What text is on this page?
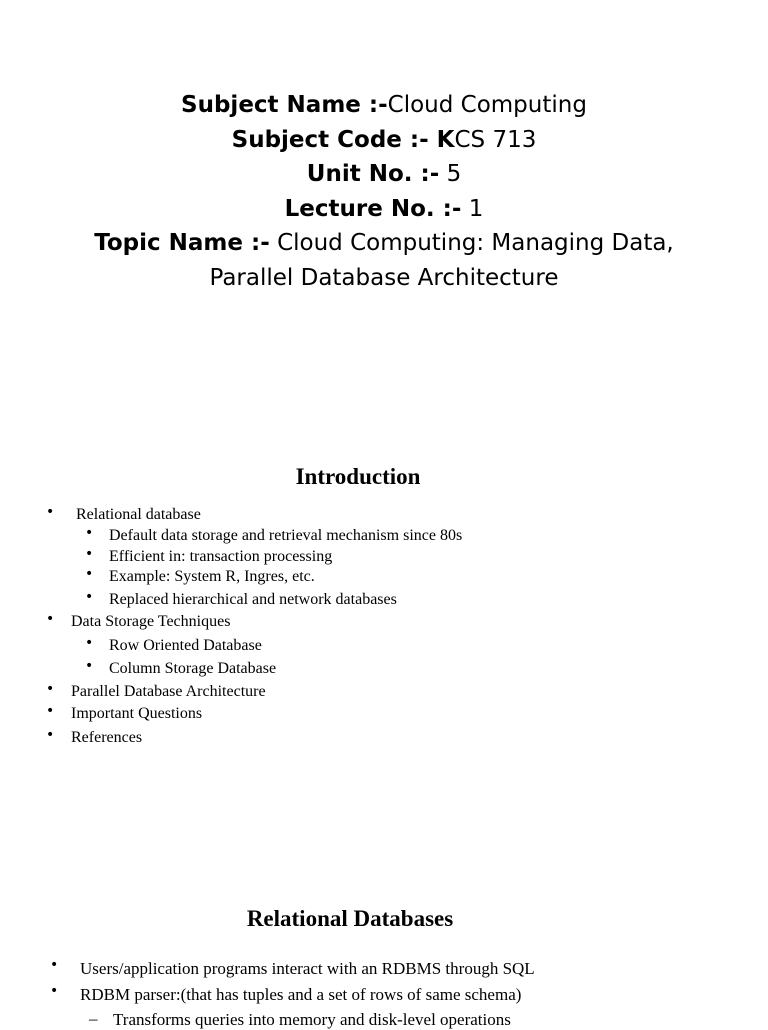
Subject Name :-Cloud Computing
Subject Code :- KCS 713
Unit No. :- 5
Lecture No. :- 1
Topic Name :- Cloud Computing: Managing Data,
Parallel Database Architecture
Introduction
• Relational database
• Default data storage and retrieval mechanism since 80s
• Efficient in: transaction processing
• Example: System R, Ingres, etc.
• Replaced hierarchical and network databases
• Data Storage Techniques
• Row Oriented Database
• Column Storage Database
• Parallel Database Architecture
• Important Questions
• References
Relational Databases
• Users/application programs interact with an RDBMS through SQL
• RDBM parser:(that has tuples and a set of rows of same schema)
– Transforms queries into memory and disk-level operations
